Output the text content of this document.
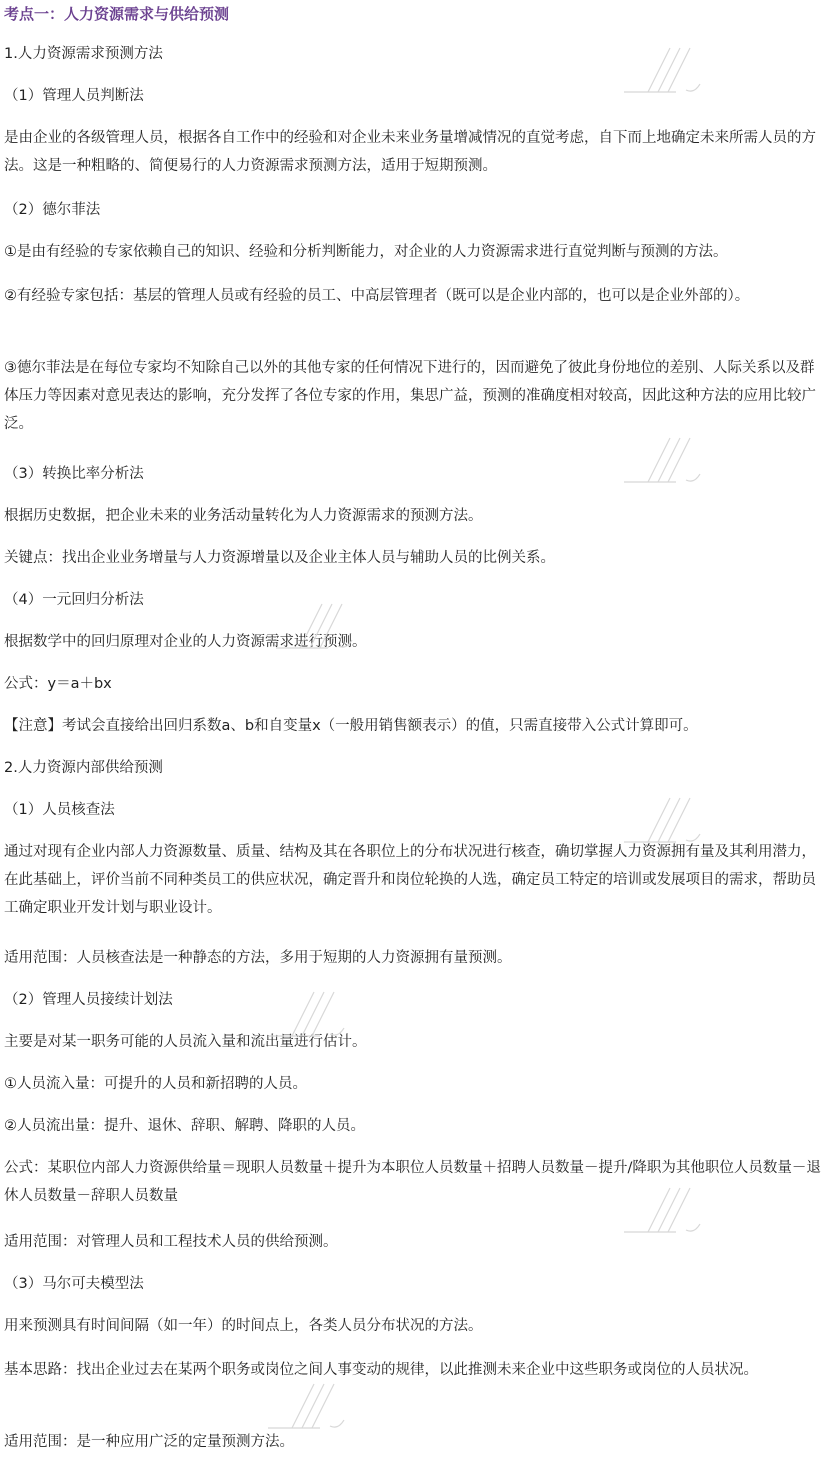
考点一：人力资源需求与供给预测

1.人力资源需求预测方法

（1）管理人员判断法

是由企业的各级管理人员，根据各自工作中的经验和对企业未来业务量增减情况的直觉考虑，自下而上地确定未来所需人员的方法。这是一种粗略的、简便易行的人力资源需求预测方法，适用于短期预测。

（2）德尔菲法

①是由有经验的专家依赖自己的知识、经验和分析判断能力，对企业的人力资源需求进行直觉判断与预测的方法。

②有经验专家包括：基层的管理人员或有经验的员工、中高层管理者（既可以是企业内部的，也可以是企业外部的）。

③德尔菲法是在每位专家均不知除自己以外的其他专家的任何情况下进行的，因而避免了彼此身份地位的差别、人际关系以及群体压力等因素对意见表达的影响，充分发挥了各位专家的作用，集思广益，预测的准确度相对较高，因此这种方法的应用比较广泛。

（3）转换比率分析法

根据历史数据，把企业未来的业务活动量转化为人力资源需求的预测方法。

关键点：找出企业业务增量与人力资源增量以及企业主体人员与辅助人员的比例关系。

（4）一元回归分析法

根据数学中的回归原理对企业的人力资源需求进行预测。

公式：y＝a＋bx

【注意】考试会直接给出回归系数a、b和自变量x（一般用销售额表示）的值，只需直接带入公式计算即可。

2.人力资源内部供给预测

（1）人员核查法

通过对现有企业内部人力资源数量、质量、结构及其在各职位上的分布状况进行核查，确切掌握人力资源拥有量及其利用潜力，在此基础上，评价当前不同种类员工的供应状况，确定晋升和岗位轮换的人选，确定员工特定的培训或发展项目的需求，帮助员工确定职业开发计划与职业设计。

适用范围：人员核查法是一种静态的方法，多用于短期的人力资源拥有量预测。

（2）管理人员接续计划法

主要是对某一职务可能的人员流入量和流出量进行估计。

①人员流入量：可提升的人员和新招聘的人员。

②人员流出量：提升、退休、辞职、解聘、降职的人员。

公式：某职位内部人力资源供给量＝现职人员数量＋提升为本职位人员数量＋招聘人员数量－提升/降职为其他职位人员数量－退休人员数量－辞职人员数量

适用范围：对管理人员和工程技术人员的供给预测。

（3）马尔可夫模型法

用来预测具有时间间隔（如一年）的时间点上，各类人员分布状况的方法。

基本思路：找出企业过去在某两个职务或岗位之间人事变动的规律，以此推测未来企业中这些职务或岗位的人员状况。

适用范围：是一种应用广泛的定量预测方法。
